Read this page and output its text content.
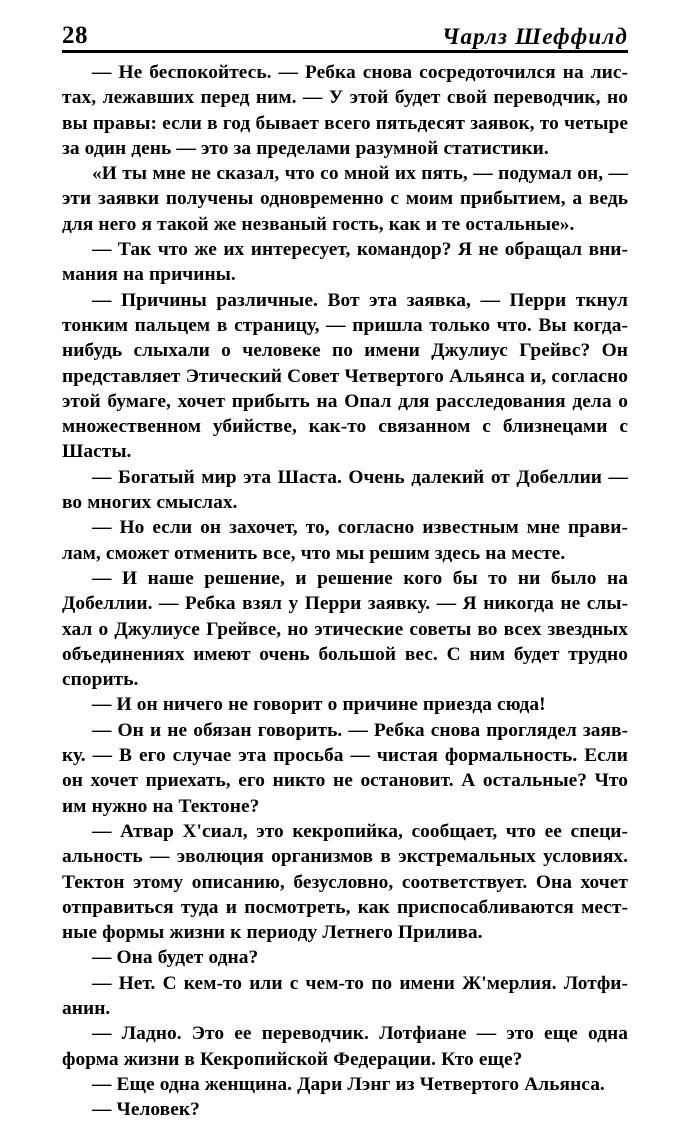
28	Чарлз Шеффилд

— Не беспокойтесь. — Ребка снова сосредоточился на листах, лежавших перед ним. — У этой будет свой переводчик, но вы правы: если в год бывает всего пятьдесят заявок, то четыре за один день — это за пределами разумной статистики.

«И ты мне не сказал, что со мной их пять, — подумал он, — эти заявки получены одновременно с моим прибытием, а ведь для него я такой же незваный гость, как и те остальные».

— Так что же их интересует, командор? Я не обращал внимания на причины.

— Причины различные. Вот эта заявка, — Перри ткнул тонким пальцем в страницу, — пришла только что. Вы когда-нибудь слыхали о человеке по имени Джулиус Грейвс? Он представляет Этический Совет Четвертого Альянса и, согласно этой бумаге, хочет прибыть на Опал для расследования дела о множественном убийстве, как-то связанном с близнецами с Шасты.

— Богатый мир эта Шаста. Очень далекий от Добеллии — во многих смыслах.

— Но если он захочет, то, согласно известным мне правилам, сможет отменить все, что мы решим здесь на месте.

— И наше решение, и решение кого бы то ни было на Добеллии. — Ребка взял у Перри заявку. — Я никогда не слыхал о Джулиусе Грейвсе, но этические советы во всех звездных объединениях имеют очень большой вес. С ним будет трудно спорить.

— И он ничего не говорит о причине приезда сюда!

— Он и не обязан говорить. — Ребка снова проглядел заявку. — В его случае эта просьба — чистая формальность. Если он хочет приехать, его никто не остановит. А остальные? Что им нужно на Тектоне?

— Атвар Х'сиал, это кекропийка, сообщает, что ее специальность — эволюция организмов в экстремальных условиях. Тектон этому описанию, безусловно, соответствует. Она хочет отправиться туда и посмотреть, как приспосабливаются местные формы жизни к периоду Летнего Прилива.

— Она будет одна?

— Нет. С кем-то или с чем-то по имени Ж'мерлия. Лотфианин.

— Ладно. Это ее переводчик. Лотфиане — это еще одна форма жизни в Кекропийской Федерации. Кто еще?

— Еще одна женщина. Дари Лэнг из Четвертого Альянса.

— Человек?
